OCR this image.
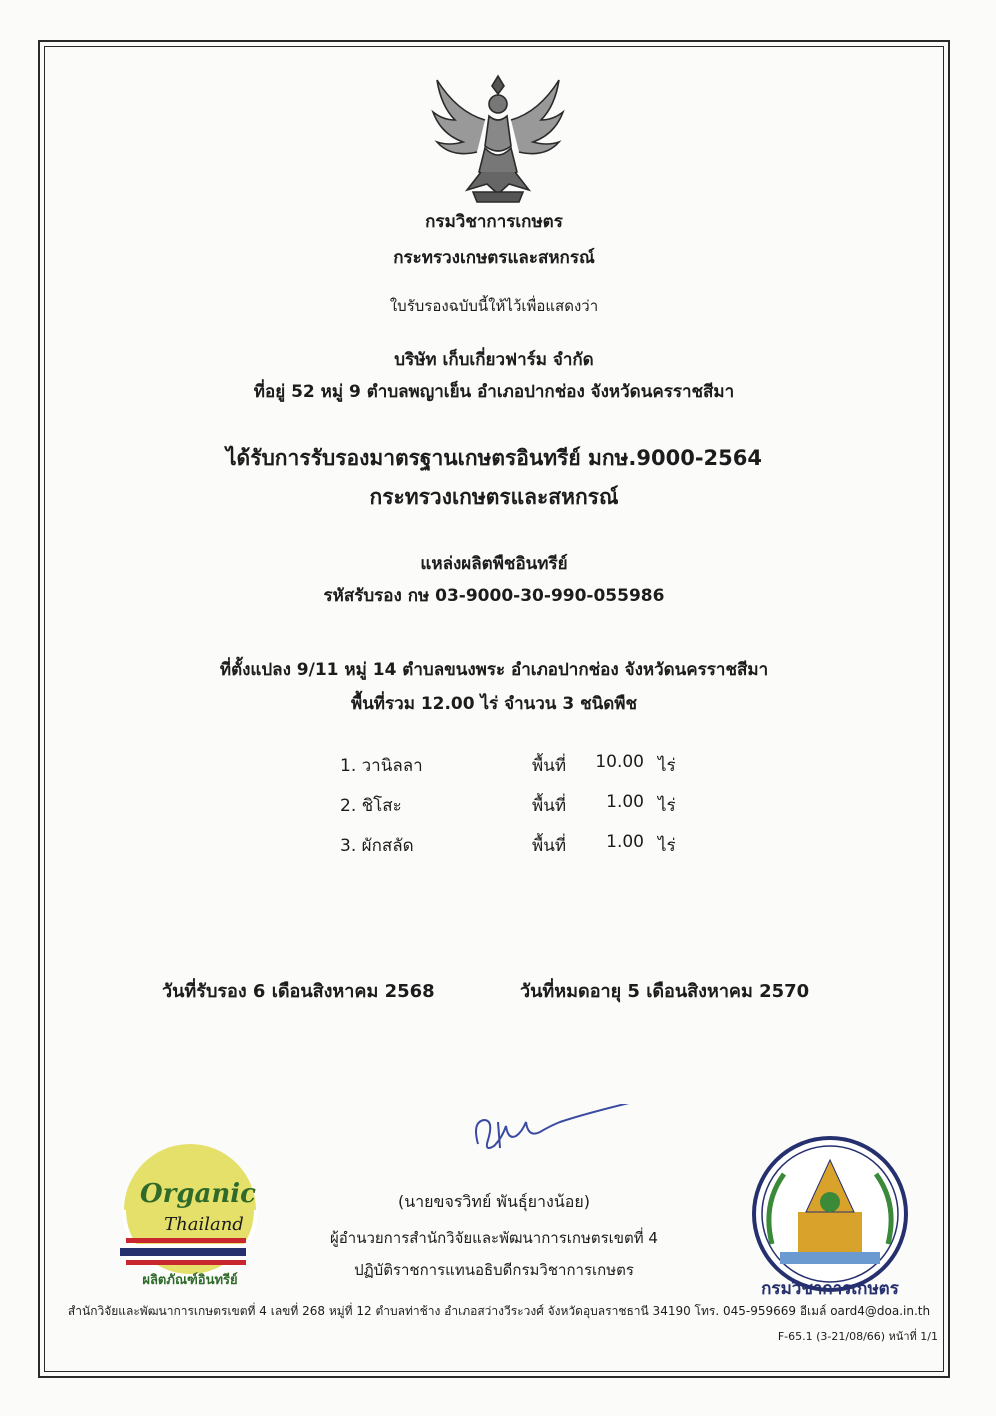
กรมวิชาการเกษตร
กระทรวงเกษตรและสหกรณ์
ใบรับรองฉบับนี้ให้ไว้เพื่อแสดงว่า
บริษัท เก็บเกี่ยวฟาร์ม จำกัด
ที่อยู่ 52 หมู่ 9 ตำบลพญาเย็น อำเภอปากช่อง จังหวัดนครราชสีมา
ได้รับการรับรองมาตรฐานเกษตรอินทรีย์ มกษ.9000-2564
กระทรวงเกษตรและสหกรณ์
แหล่งผลิตพืชอินทรีย์
รหัสรับรอง กษ 03-9000-30-990-055986
ที่ตั้งแปลง 9/11 หมู่ 14 ตำบลขนงพระ อำเภอปากช่อง จังหวัดนครราชสีมา
พื้นที่รวม 12.00 ไร่ จำนวน 3 ชนิดพืช
1. วานิลลา	พื้นที่ 10.00 ไร่
2. ชิโสะ	พื้นที่	1.00 ไร่
3. ผักสลัด	พื้นที่	1.00 ไร่
วันที่รับรอง 6 เดือนสิงหาคม 2568	วันที่หมดอายุ 5 เดือนสิงหาคม 2570
(นายขจรวิทย์ พันธุ์ยางน้อย)
ผู้อำนวยการสำนักวิจัยและพัฒนาการเกษตรเขตที่ 4
ปฏิบัติราชการแทนอธิบดีกรมวิชาการเกษตร
Organic
Thailand
ผลิตภัณฑ์อินทรีย์	กรมวิชาการเกษตร
สำนักวิจัยและพัฒนาการเกษตรเขตที่ 4 เลขที่ 268 หมู่ที่ 12 ตำบลท่าช้าง อำเภอสว่างวีระวงศ์ จังหวัดอุบลราชธานี 34190 โทร. 045-959669 อีเมล์ oard4@doa.in.th
F-65.1 (3-21/08/66) หน้าที่ 1/1
